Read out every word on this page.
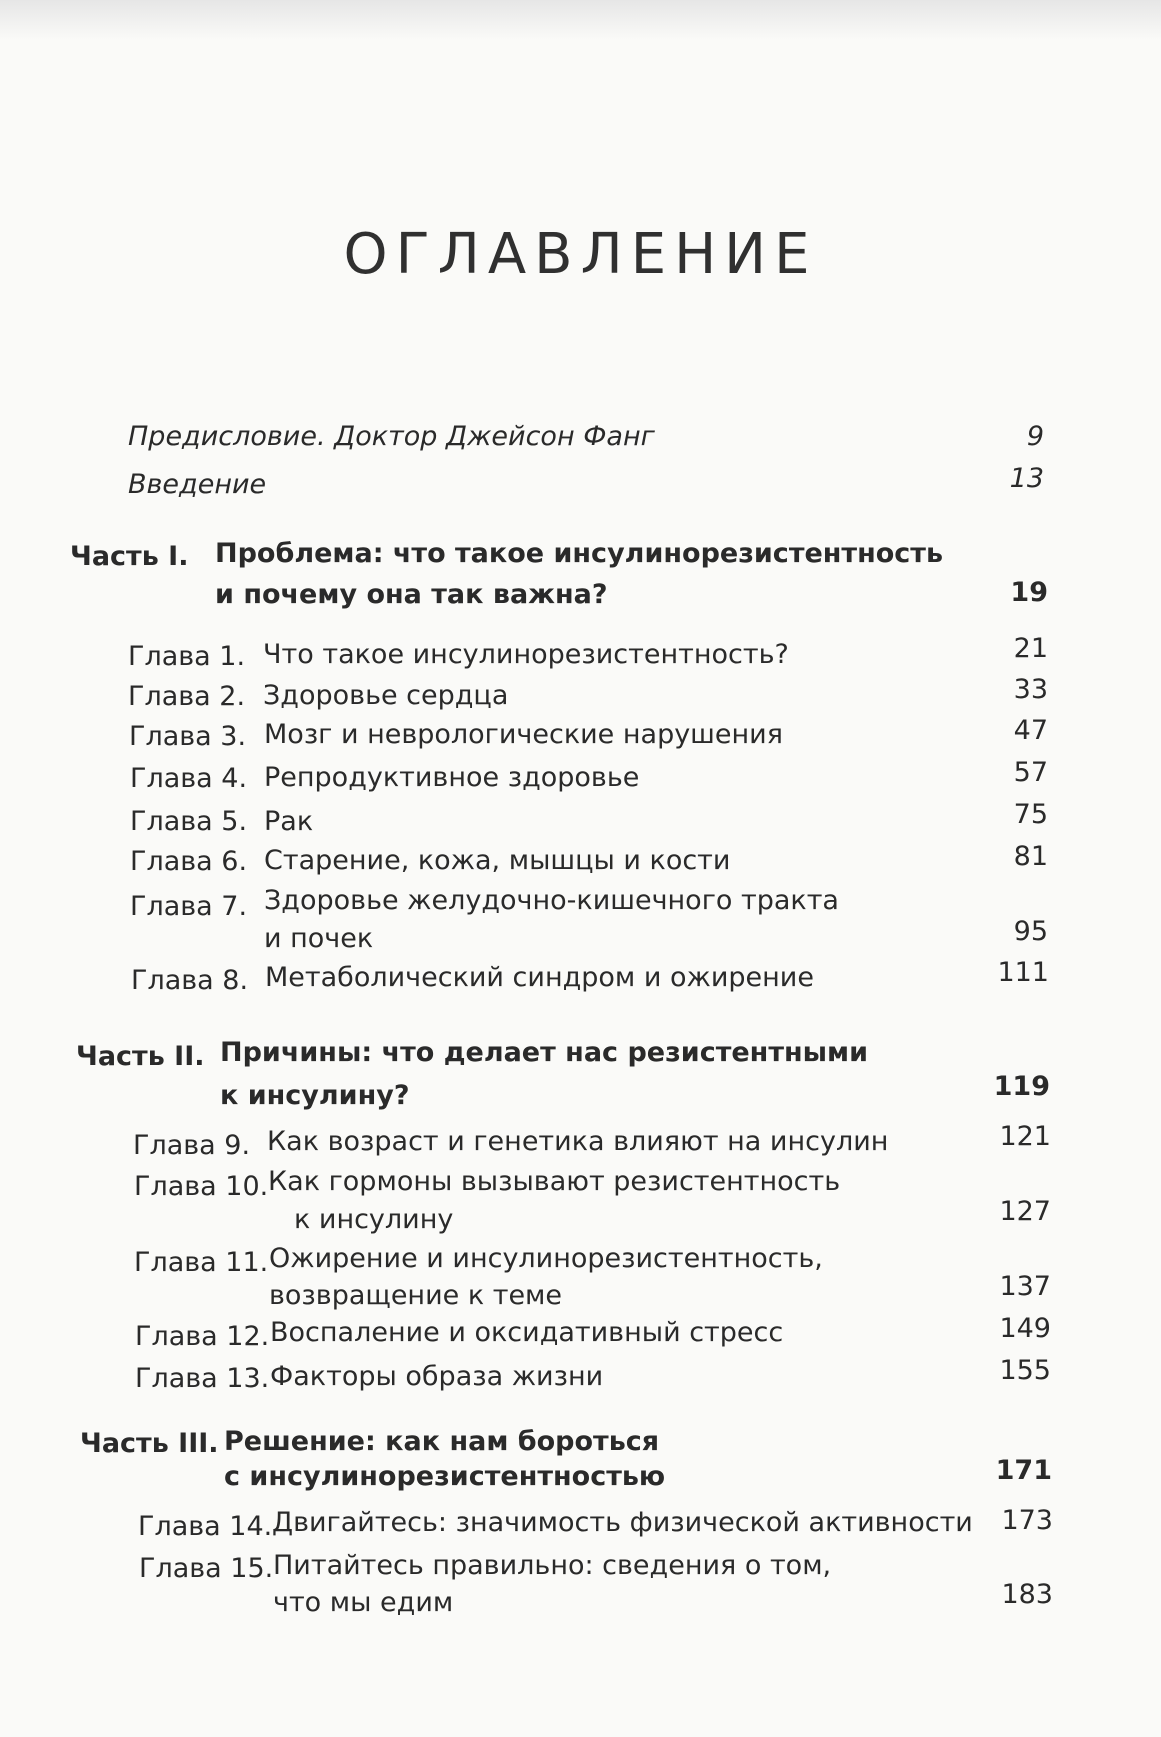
ОГЛАВЛЕНИЕ
Предисловие. Доктор Джейсон Фанг	9
Введение	13
Часть I. Проблема: что такое инсулинорезистентность
и почему она так важна?	19
Глава 1. Что такое инсулинорезистентность?	21
Глава 2. Здоровье сердца	33
Глава 3. Мозг и неврологические нарушения	47
Глава 4. Репродуктивное здоровье	57
Глава 5. Рак	75
Глава 6. Старение, кожа, мышцы и кости	81
Глава 7. Здоровье желудочно-кишечного тракта
и почек	95
Глава 8. Метаболический синдром и ожирение	111
Часть II. Причины: что делает нас резистентными
к инсулину?	119
Глава 9. Как возраст и генетика влияют на инсулин	121
Глава 10. Как гормоны вызывают резистентность
к инсулину	127
Глава 11. Ожирение и инсулинорезистентность,
возвращение к теме	137
Глава 12. Воспаление и оксидативный стресс	149
Глава 13. Факторы образа жизни	155
Часть III. Решение: как нам бороться
с инсулинорезистентностью	171
Глава 14. Двигайтесь: значимость физической активности 173
Глава 15. Питайтесь правильно: сведения о том,
что мы едим	183
